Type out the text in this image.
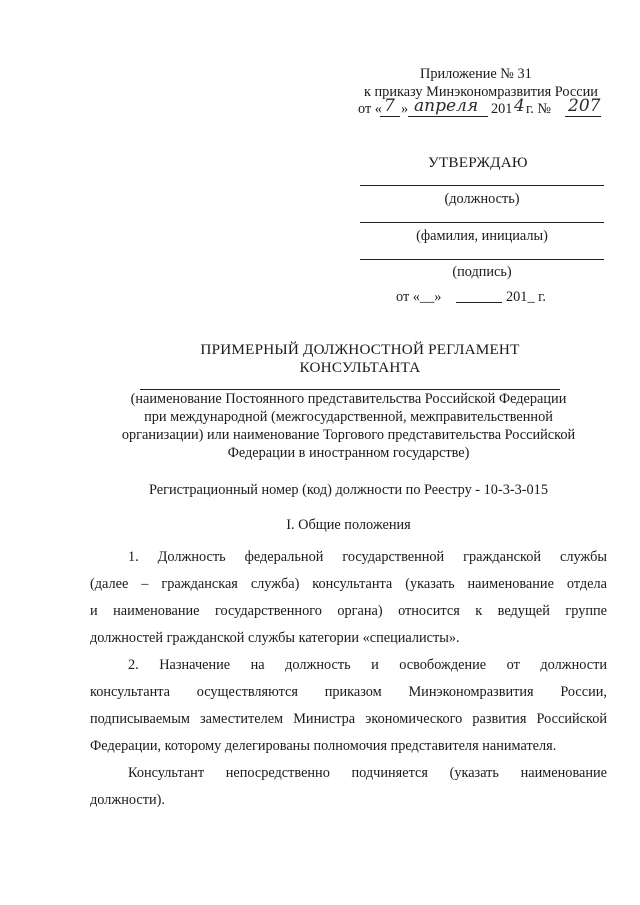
Приложение № 31
к приказу Минэкономразвития России
от « 7 » апреля 201 4 г. № 207
УТВЕРЖДАЮ
(должность)
(фамилия, инициалы)
(подпись)
от «__»	201_ г.
ПРИМЕРНЫЙ ДОЛЖНОСТНОЙ РЕГЛАМЕНТ
КОНСУЛЬТАНТА
(наименование Постоянного представительства Российской Федерации
при международной (межгосударственной, межправительственной
организации) или наименование Торгового представительства Российской
Федерации в иностранном государстве)
Регистрационный номер (код) должности по Реестру - 10-3-3-015
I. Общие положения
1. Должность федеральной государственной гражданской службы
(далее – гражданская служба) консультанта (указать наименование отдела
и наименование государственного органа) относится к ведущей группе
должностей гражданской службы категории «специалисты».
2. Назначение на должность и освобождение от должности
консультанта осуществляются приказом Минэкономразвития России,
подписываемым заместителем Министра экономического развития Российской
Федерации, которому делегированы полномочия представителя нанимателя.
Консультант непосредственно подчиняется (указать наименование
должности).
